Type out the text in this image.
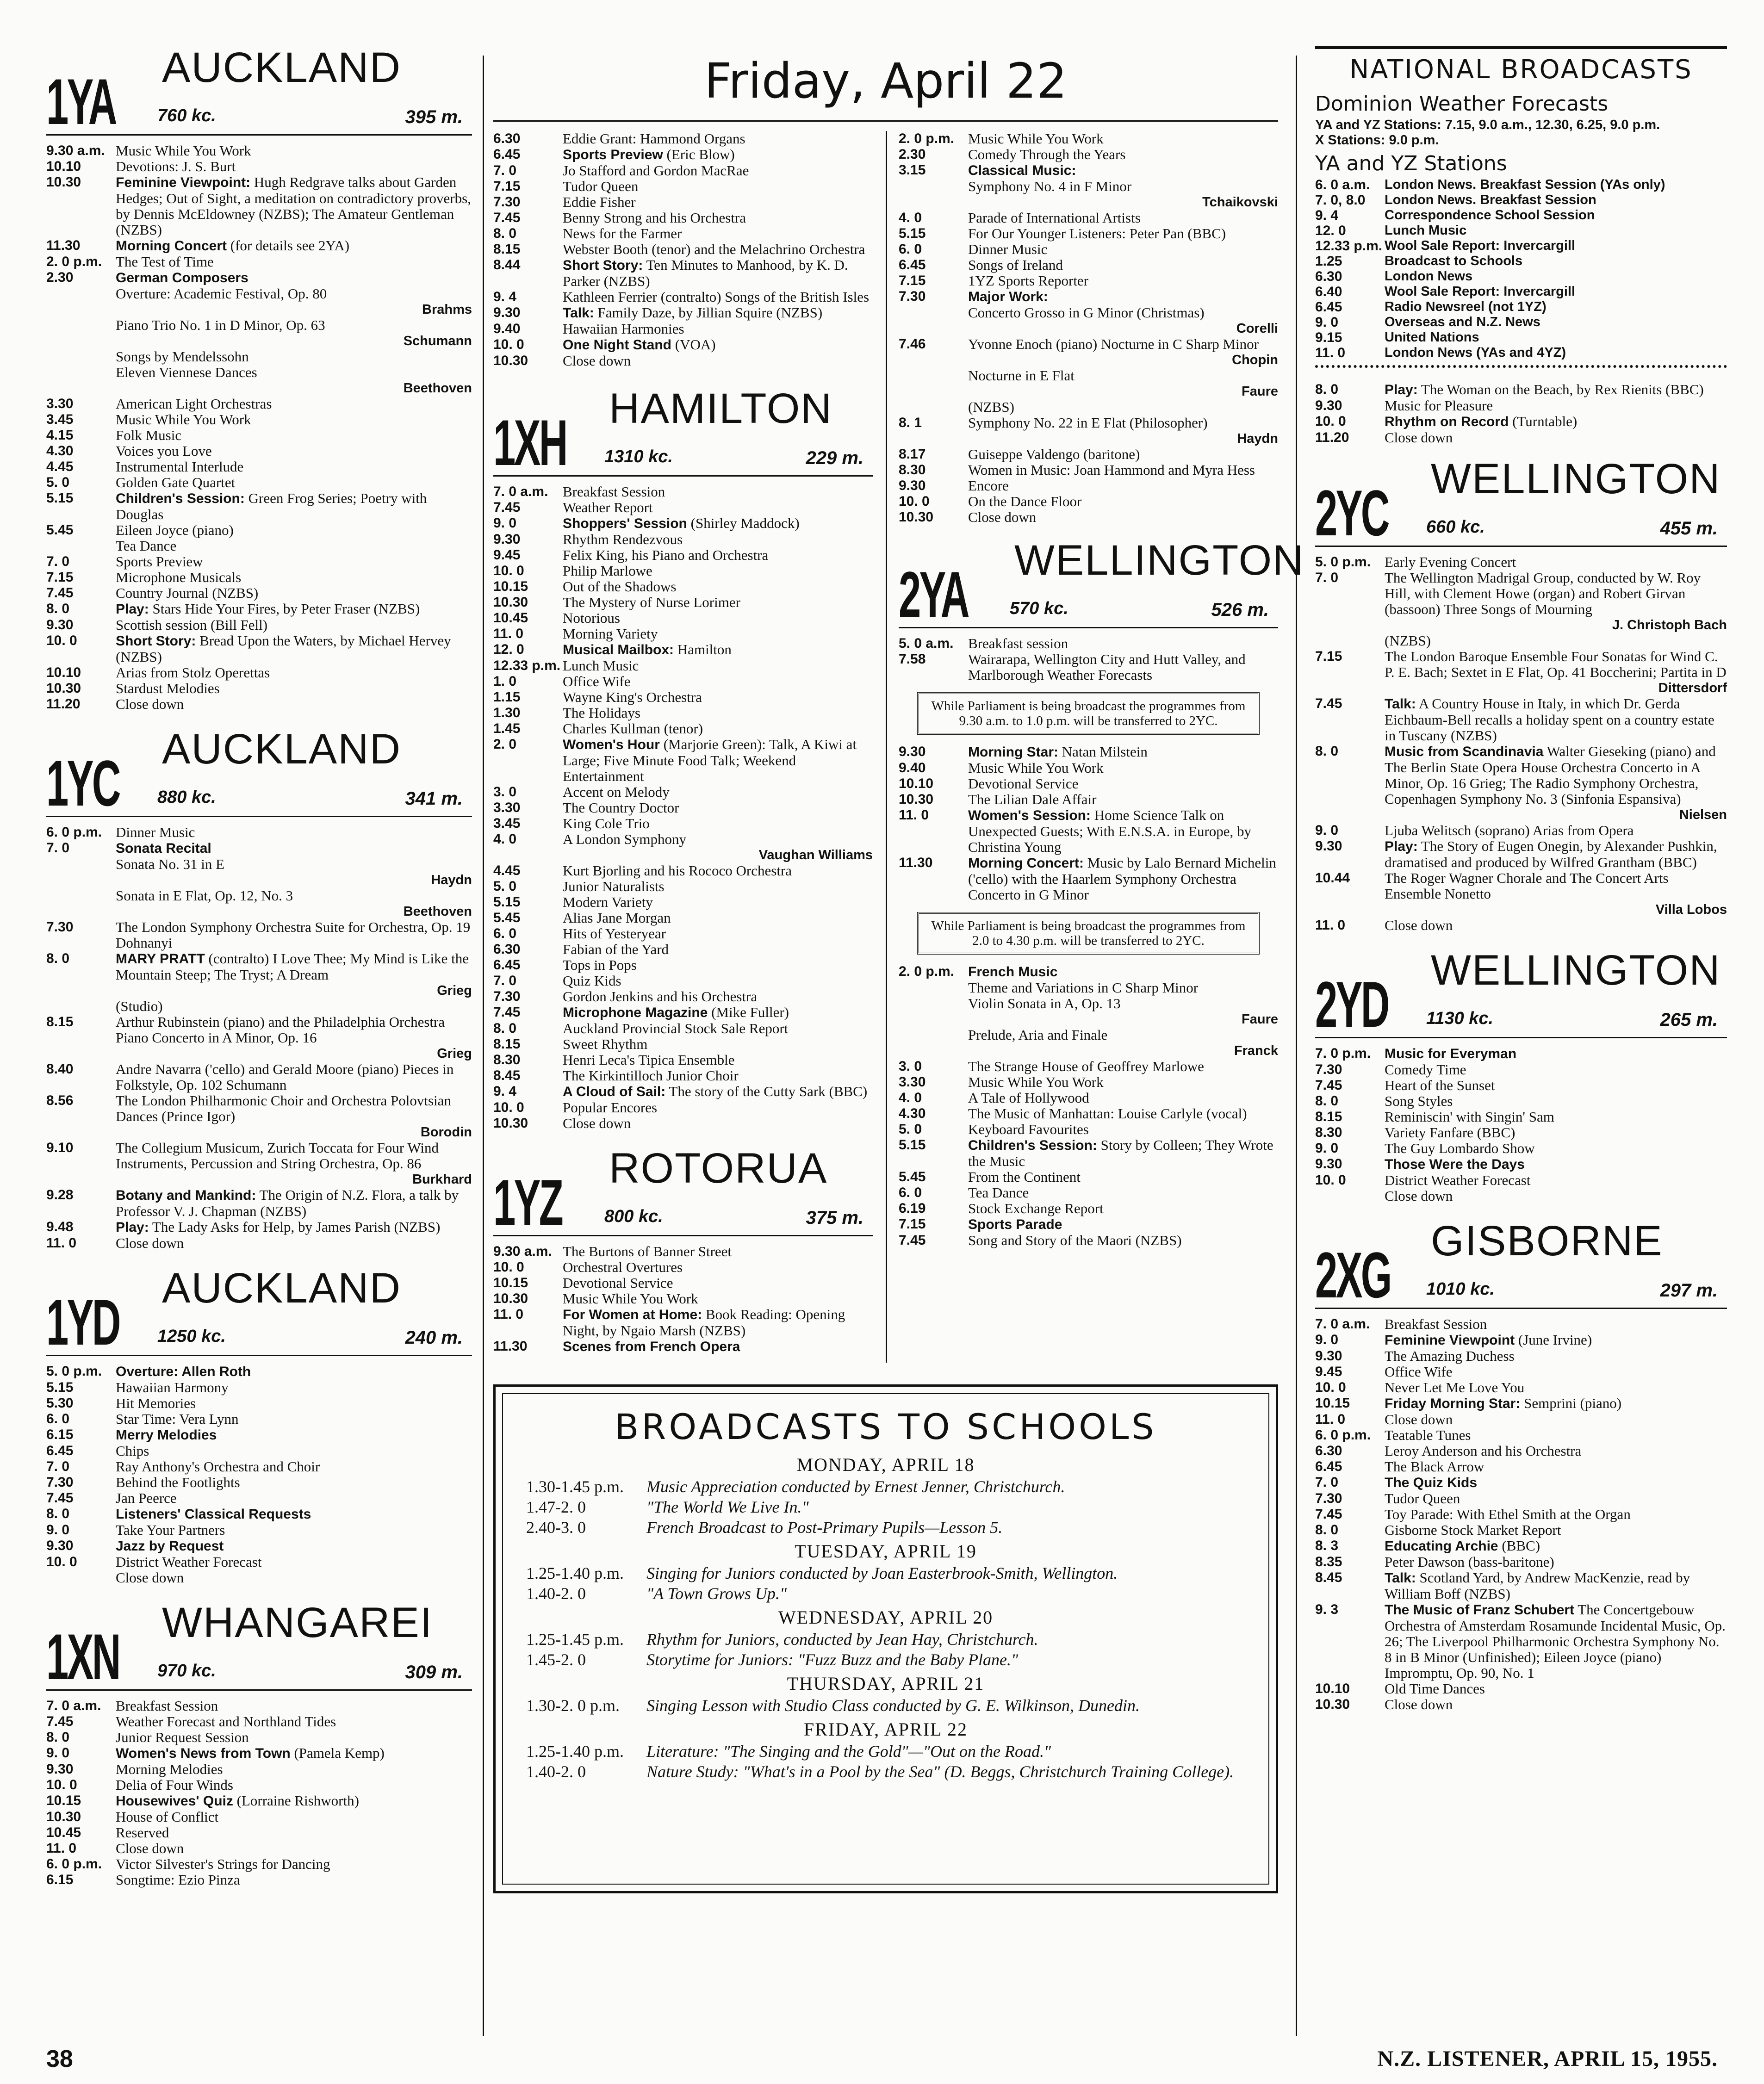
1YA AUCKLAND
760 kc.	395 m.
9.30 a.m. Music While You Work
10.10	Devotions: J. S. Burt
10.30	Feminine Viewpoint: Hugh Redgrave talks about Garden Hedges; Out of Sight, a meditation on contradictory proverbs, by Dennis McEldowney (NZBS); The Amateur Gentleman (NZBS)
11.30	Morning Concert (for details see 2YA)
2. 0 p.m. The Test of Time
2.30	German Composers
Overture: Academic Festival, Op. 80
Brahms
Piano Trio No. 1 in D Minor, Op. 63
Schumann
Songs by Mendelssohn
Eleven Viennese Dances
Beethoven
3.30	American Light Orchestras
3.45	Music While You Work
4.15	Folk Music
4.30	Voices you Love
4.45	Instrumental Interlude
5. 0	Golden Gate Quartet
5.15	Children's Session: Green Frog Series; Poetry with Douglas
5.45	Eileen Joyce (piano)
Tea Dance
7. 0	Sports Preview
7.15	Microphone Musicals
7.45	Country Journal (NZBS)
8. 0	Play: Stars Hide Your Fires, by Peter Fraser (NZBS)
9.30	Scottish session (Bill Fell)
10. 0	Short Story: Bread Upon the Waters, by Michael Hervey (NZBS)
10.10	Arias from Stolz Operettas
10.30	Stardust Melodies
11.20	Close down
1YC AUCKLAND
880 kc.	341 m.
6. 0 p.m. Dinner Music
7. 0	Sonata Recital
Sonata No. 31 in E
Haydn
Sonata in E Flat, Op. 12, No. 3
Beethoven
7.30	The London Symphony Orchestra Suite for Orchestra, Op. 19 Dohnanyi
8. 0	MARY PRATT (contralto) I Love Thee; My Mind is Like the Mountain Steep; The Tryst; A Dream
Grieg
(Studio)
8.15	Arthur Rubinstein (piano) and the Philadelphia Orchestra Piano Concerto in A Minor, Op. 16
Grieg
8.40	Andre Navarra ('cello) and Gerald Moore (piano) Pieces in Folkstyle, Op. 102 Schumann
8.56	The London Philharmonic Choir and Orchestra Polovtsian Dances (Prince Igor)
Borodin
9.10	The Collegium Musicum, Zurich Toccata for Four Wind Instruments, Percussion and String Orchestra, Op. 86
Burkhard
9.28	Botany and Mankind: The Origin of N.Z. Flora, a talk by Professor V. J. Chapman (NZBS)
9.48	Play: The Lady Asks for Help, by James Parish (NZBS)
11. 0	Close down
1YD AUCKLAND
1250 kc.	240 m.
5. 0 p.m. Overture: Allen Roth
5.15	Hawaiian Harmony
5.30	Hit Memories
6. 0	Star Time: Vera Lynn
6.15	Merry Melodies
6.45	Chips
7. 0	Ray Anthony's Orchestra and Choir
7.30	Behind the Footlights
7.45	Jan Peerce
8. 0	Listeners' Classical Requests
9. 0	Take Your Partners
9.30	Jazz by Request
10. 0	District Weather Forecast
Close down
1XN WHANGAREI
970 kc.	309 m.
7. 0 a.m.	Breakfast Session
7.45	Weather Forecast and Northland Tides
8. 0	Junior Request Session
9. 0	Women's News from Town (Pamela Kemp)
9.30	Morning Melodies
10. 0	Delia of Four Winds
10.15	Housewives' Quiz (Lorraine Rishworth)
10.30	House of Conflict
10.45	Reserved
11. 0	Close down
6. 0 p.m. Victor Silvester's Strings for Dancing
6.15	Songtime: Ezio Pinza
Friday, April 22
6.30	Eddie Grant: Hammond Organs
6.45	Sports Preview (Eric Blow)
7. 0	Jo Stafford and Gordon MacRae
7.15	Tudor Queen
7.30	Eddie Fisher
7.45	Benny Strong and his Orchestra
8. 0	News for the Farmer
8.15	Webster Booth (tenor) and the Melachrino Orchestra
8.44	Short Story: Ten Minutes to Manhood, by K. D. Parker (NZBS)
9. 4	Kathleen Ferrier (contralto) Songs of the British Isles
9.30	Talk: Family Daze, by Jillian Squire (NZBS)
9.40	Hawaiian Harmonies
10. 0	One Night Stand (VOA)
10.30	Close down
1XH HAMILTON
1310 kc.	229 m.
7. 0 a.m.	Breakfast Session
7.45	Weather Report
9. 0	Shoppers' Session (Shirley Maddock)
9.30	Rhythm Rendezvous
9.45	Felix King, his Piano and Orchestra
10. 0	Philip Marlowe
10.15	Out of the Shadows
10.30	The Mystery of Nurse Lorimer
10.45	Notorious
11. 0	Morning Variety
12. 0	Musical Mailbox: Hamilton
12.33 p.m. Lunch Music
1. 0	Office Wife
1.15	Wayne King's Orchestra
1.30	The Holidays
1.45	Charles Kullman (tenor)
2. 0	Women's Hour (Marjorie Green): Talk, A Kiwi at Large; Five Minute Food Talk; Weekend Entertainment
3. 0	Accent on Melody
3.30	The Country Doctor
3.45	King Cole Trio
4. 0	A London Symphony
Vaughan Williams
4.45	Kurt Bjorling and his Rococo Orchestra
5. 0	Junior Naturalists
5.15	Modern Variety
5.45	Alias Jane Morgan
6. 0	Hits of Yesteryear
6.30	Fabian of the Yard
6.45	Tops in Pops
7. 0	Quiz Kids
7.30	Gordon Jenkins and his Orchestra
7.45	Microphone Magazine (Mike Fuller)
8. 0	Auckland Provincial Stock Sale Report
8.15	Sweet Rhythm
8.30	Henri Leca's Tipica Ensemble
8.45	The Kirkintilloch Junior Choir
9. 4	A Cloud of Sail: The story of the Cutty Sark (BBC)
10. 0	Popular Encores
10.30	Close down
1YZ ROTORUA
800 kc.	375 m.
9.30 a.m. The Burtons of Banner Street
10. 0	Orchestral Overtures
10.15	Devotional Service
10.30	Music While You Work
11. 0	For Women at Home: Book Reading: Opening Night, by Ngaio Marsh (NZBS)
11.30	Scenes from French Opera
2. 0 p.m. Music While You Work
2.30	Comedy Through the Years
3.15	Classical Music:
Symphony No. 4 in F Minor
Tchaikovski
4. 0	Parade of International Artists
5.15	For Our Younger Listeners: Peter Pan (BBC)
6. 0	Dinner Music
6.45	Songs of Ireland
7.15	1YZ Sports Reporter
7.30	Major Work:
Concerto Grosso in G Minor (Christmas)
Corelli
7.46	Yvonne Enoch (piano) Nocturne in C Sharp Minor
Chopin
Nocturne in E Flat
Faure
(NZBS)
8. 1	Symphony No. 22 in E Flat (Philosopher)
Haydn
8.17	Guiseppe Valdengo (baritone)
8.30	Women in Music: Joan Hammond and Myra Hess
9.30	Encore
10. 0	On the Dance Floor
10.30	Close down
2YA WELLINGTON
570 kc.	526 m.
5. 0 a.m.	Breakfast session
7.58	Wairarapa, Wellington City and Hutt Valley, and Marlborough Weather Forecasts
While Parliament is being broadcast the programmes from 9.30 a.m. to 1.0 p.m. will be transferred to 2YC.
9.30	Morning Star: Natan Milstein
9.40	Music While You Work
10.10	Devotional Service
10.30	The Lilian Dale Affair
11. 0	Women's Session: Home Science Talk on Unexpected Guests; With E.N.S.A. in Europe, by Christina Young
11.30	Morning Concert: Music by Lalo Bernard Michelin ('cello) with the Haarlem Symphony Orchestra Concerto in G Minor
While Parliament is being broadcast the programmes from 2.0 to 4.30 p.m. will be transferred to 2YC.
2. 0 p.m. French Music
Theme and Variations in C Sharp Minor
Violin Sonata in A, Op. 13
Faure
Prelude, Aria and Finale
Franck
3. 0	The Strange House of Geoffrey Marlowe
3.30	Music While You Work
4. 0	A Tale of Hollywood
4.30	The Music of Manhattan: Louise Carlyle (vocal)
5. 0	Keyboard Favourites
5.15	Children's Session: Story by Colleen; They Wrote the Music
5.45	From the Continent
6. 0	Tea Dance
6.19	Stock Exchange Report
7.15	Sports Parade
7.45	Song and Story of the Maori (NZBS)
BROADCASTS TO SCHOOLS
MONDAY, APRIL 18
1.30-1.45 p.m.	Music Appreciation conducted by Ernest Jenner, Christchurch.
1.47-2. 0	"The World We Live In."
2.40-3. 0	French Broadcast to Post-Primary Pupils—Lesson 5.
TUESDAY, APRIL 19
1.25-1.40 p.m.	Singing for Juniors conducted by Joan Easterbrook-Smith, Wellington.
1.40-2. 0	"A Town Grows Up."
WEDNESDAY, APRIL 20
1.25-1.45 p.m.	Rhythm for Juniors, conducted by Jean Hay, Christchurch.
1.45-2. 0	Storytime for Juniors: "Fuzz Buzz and the Baby Plane."
THURSDAY, APRIL 21
1.30-2. 0 p.m.	Singing Lesson with Studio Class conducted by G. E. Wilkinson, Dunedin.
FRIDAY, APRIL 22
1.25-1.40 p.m.	Literature: "The Singing and the Gold"—"Out on the Road."
1.40-2. 0	Nature Study: "What's in a Pool by the Sea" (D. Beggs, Christchurch Training College).
NATIONAL BROADCASTS
Dominion Weather Forecasts
YA and YZ Stations: 7.15, 9.0 a.m., 12.30, 6.25, 9.0 p.m.
X Stations: 9.0 p.m.
YA and YZ Stations
6. 0 a.m.	London News. Breakfast Session (YAs only)
7. 0, 8.0	London News. Breakfast Session
9. 4	Correspondence School Session
12. 0	Lunch Music
12.33 p.m. Wool Sale Report: Invercargill
1.25	Broadcast to Schools
6.30	London News
6.40	Wool Sale Report: Invercargill
6.45	Radio Newsreel (not 1YZ)
9. 0	Overseas and N.Z. News
9.15	United Nations
11. 0	London News (YAs and 4YZ)
8. 0	Play: The Woman on the Beach, by Rex Rienits (BBC)
9.30	Music for Pleasure
10. 0	Rhythm on Record (Turntable)
11.20	Close down
2YC WELLINGTON
660 kc.	455 m.
5. 0 p.m. Early Evening Concert
7. 0	The Wellington Madrigal Group, conducted by W. Roy Hill, with Clement Howe (organ) and Robert Girvan (bassoon) Three Songs of Mourning
J. Christoph Bach
(NZBS)
7.15	The London Baroque Ensemble Four Sonatas for Wind C. P. E. Bach; Sextet in E Flat, Op. 41 Boccherini; Partita in D
Dittersdorf
7.45	Talk: A Country House in Italy, in which Dr. Gerda Eichbaum-Bell recalls a holiday spent on a country estate in Tuscany (NZBS)
8. 0	Music from Scandinavia Walter Gieseking (piano) and The Berlin State Opera House Orchestra Concerto in A Minor, Op. 16 Grieg; The Radio Symphony Orchestra, Copenhagen Symphony No. 3 (Sinfonia Espansiva)
Nielsen
9. 0	Ljuba Welitsch (soprano) Arias from Opera
9.30	Play: The Story of Eugen Onegin, by Alexander Pushkin, dramatised and produced by Wilfred Grantham (BBC)
10.44	The Roger Wagner Chorale and The Concert Arts Ensemble Nonetto
Villa Lobos
11. 0	Close down
2YD WELLINGTON
1130 kc.	265 m.
7. 0 p.m. Music for Everyman
7.30	Comedy Time
7.45	Heart of the Sunset
8. 0	Song Styles
8.15	Reminiscin' with Singin' Sam
8.30	Variety Fanfare (BBC)
9. 0	The Guy Lombardo Show
9.30	Those Were the Days
10. 0	District Weather Forecast
Close down
2XG GISBORNE
1010 kc.	297 m.
7. 0 a.m.	Breakfast Session
9. 0	Feminine Viewpoint (June Irvine)
9.30	The Amazing Duchess
9.45	Office Wife
10. 0	Never Let Me Love You
10.15	Friday Morning Star: Semprini (piano)
11. 0	Close down
6. 0 p.m. Teatable Tunes
6.30	Leroy Anderson and his Orchestra
6.45	The Black Arrow
7. 0	The Quiz Kids
7.30	Tudor Queen
7.45	Toy Parade: With Ethel Smith at the Organ
8. 0	Gisborne Stock Market Report
8. 3	Educating Archie (BBC)
8.35	Peter Dawson (bass-baritone)
8.45	Talk: Scotland Yard, by Andrew MacKenzie, read by William Boff (NZBS)
9. 3	The Music of Franz Schubert The Concertgebouw Orchestra of Amsterdam Rosamunde Incidental Music, Op. 26; The Liverpool Philharmonic Orchestra Symphony No. 8 in B Minor (Unfinished); Eileen Joyce (piano) Impromptu, Op. 90, No. 1
10.10	Old Time Dances
10.30	Close down
38	N.Z. LISTENER, APRIL 15, 1955.
